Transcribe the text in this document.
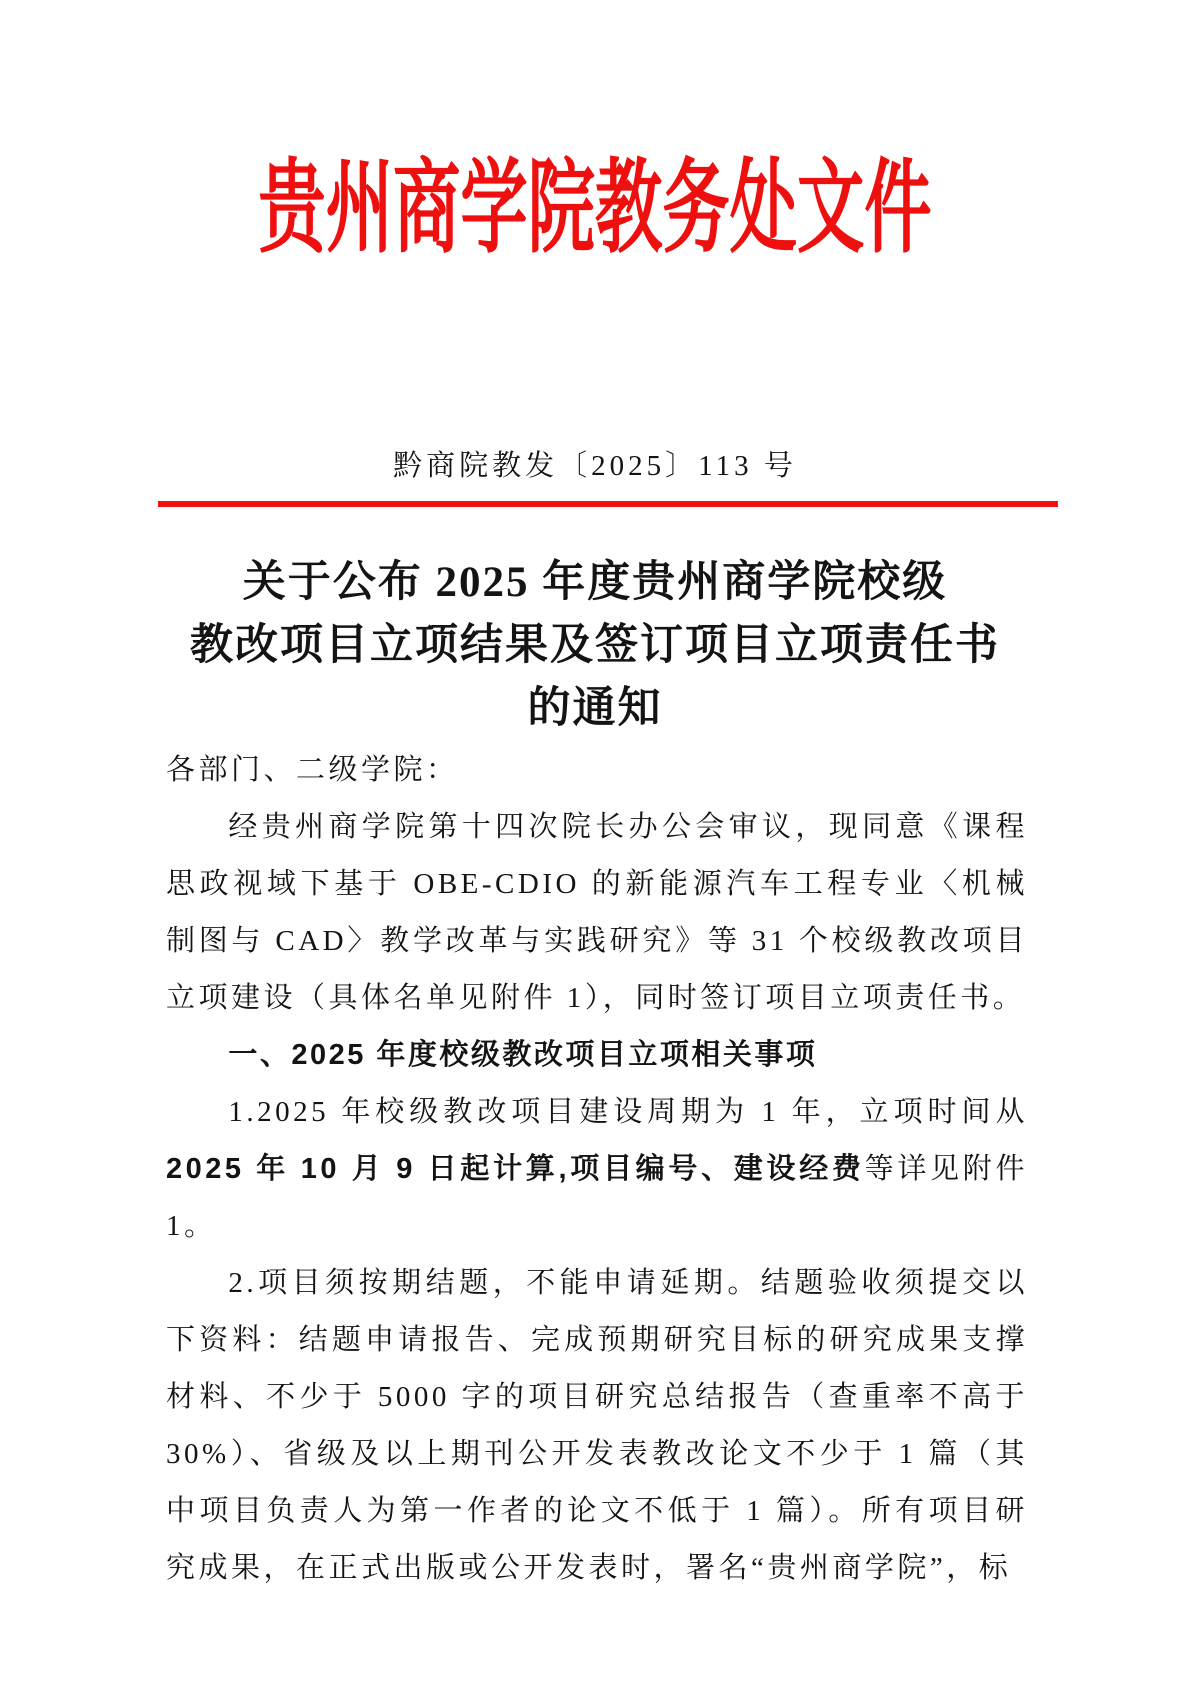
贵州商学院教务处文件
黔商院教发〔2025〕113 号
关于公布 2025 年度贵州商学院校级
教改项目立项结果及签订项目立项责任书
的通知

各部门、二级学院：

经贵州商学院第十四次院长办公会审议，现同意《课程思政视域下基于 OBE-CDIO 的新能源汽车工程专业〈机械制图与 CAD〉教学改革与实践研究》等 31 个校级教改项目立项建设（具体名单见附件 1），同时签订项目立项责任书。

一、2025 年度校级教改项目立项相关事项

1.2025 年校级教改项目建设周期为 1 年，立项时间从2025 年 10 月 9 日起计算,项目编号、建设经费等详见附件 1。

2.项目须按期结题，不能申请延期。结题验收须提交以下资料：结题申请报告、完成预期研究目标的研究成果支撑材料、不少于 5000 字的项目研究总结报告（查重率不高于 30%）、省级及以上期刊公开发表教改论文不少于 1 篇（其中项目负责人为第一作者的论文不低于 1 篇）。所有项目研究成果，在正式出版或公开发表时，署名“贵州商学院”，标
